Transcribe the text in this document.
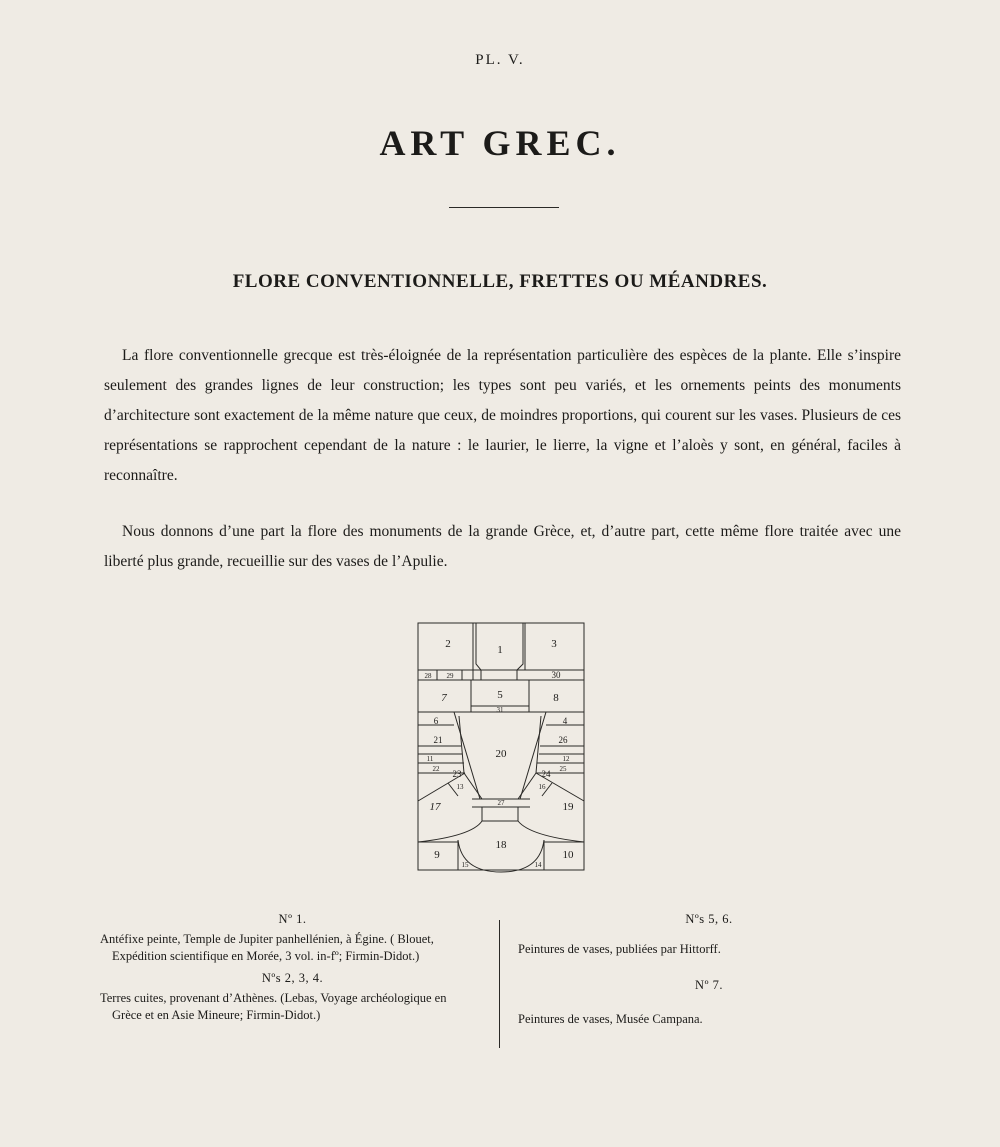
PL. V.
ART GREC.
FLORE CONVENTIONNELLE, FRETTES OU MÉANDRES.

La flore conventionnelle grecque est très-éloignée de la représentation particulière des espèces de la plante. Elle s’inspire seulement des grandes lignes de leur construction; les types sont peu variés, et les ornements peints des monuments d’architecture sont exactement de la même nature que ceux, de moindres proportions, qui courent sur les vases. Plusieurs de ces représentations se rapprochent cependant de la nature : le laurier, le lierre, la vigne et l’aloès y sont, en général, faciles à reconnaître.

Nous donnons d’une part la flore des monuments de la grande Grèce, et, d’autre part, cette même flore traitée avec une liberté plus grande, recueillie sur des vases de l’Apulie.

2	1	3
7	5	8
20
17	19
18
9	10
30
6	4
21	26
23	24
28 29
31
11	12
22	25
13	16
27
15	14

Nº 1.

Antéfixe peinte, Temple de Jupiter panhellénien, à Égine. ( Blouet,
Expédition scientifique en Morée, 3 vol. in-fº; Firmin-Didot.)

Nºs 2, 3, 4.

Terres cuites, provenant d’Athènes. (Lebas, Voyage archéologique en
Grèce et en Asie Mineure; Firmin-Didot.)

Nºs 5, 6.

Peintures de vases, publiées par Hittorff.

Nº 7.

Peintures de vases, Musée Campana.
